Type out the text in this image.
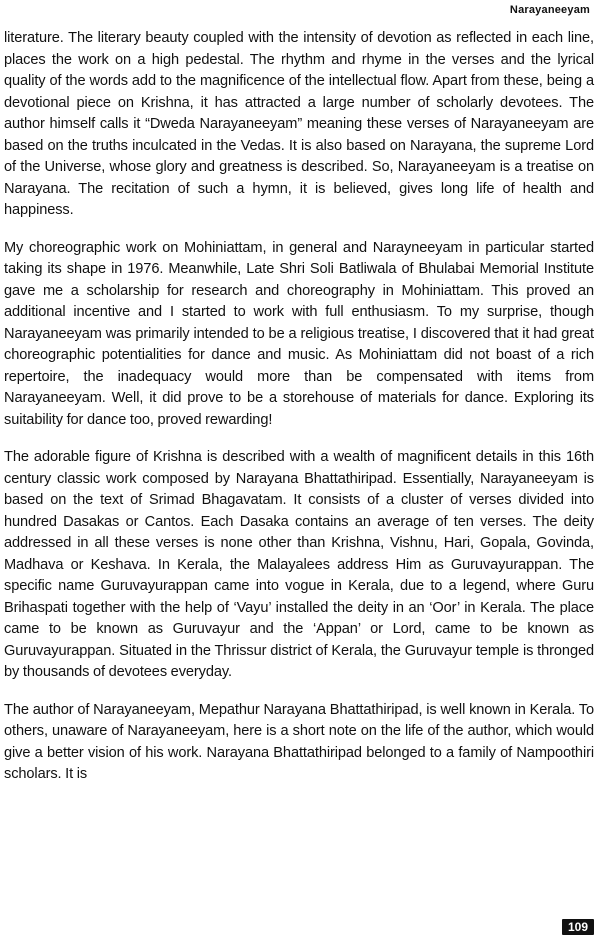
Narayaneeyam

literature. The literary beauty coupled with the intensity of devotion as reflected in each line, places the work on a high pedestal. The rhythm and rhyme in the verses and the lyrical quality of the words add to the magnificence of the intellectual flow. Apart from these, being a devotional piece on Krishna, it has attracted a large number of scholarly devotees. The author himself calls it “Dweda Narayaneeyam” meaning these verses of Narayaneeyam are based on the truths inculcated in the Vedas. It is also based on Narayana, the supreme Lord of the Universe, whose glory and greatness is described. So, Narayaneeyam is a treatise on Narayana. The recitation of such a hymn, it is believed, gives long life of health and happiness.

My choreographic work on Mohiniattam, in general and Narayneeyam in particular started taking its shape in 1976. Meanwhile, Late Shri Soli Batliwala of Bhulabai Memorial Institute gave me a scholarship for research and choreography in Mohiniattam. This proved an additional incentive and I started to work with full enthusiasm. To my surprise, though Narayaneeyam was primarily intended to be a religious treatise, I discovered that it had great choreographic potentialities for dance and music. As Mohiniattam did not boast of a rich repertoire, the inadequacy would more than be compensated with items from Narayaneeyam. Well, it did prove to be a storehouse of materials for dance. Exploring its suitability for dance too, proved rewarding!

The adorable figure of Krishna is described with a wealth of magnificent details in this 16th century classic work composed by Narayana Bhattathiripad. Essentially, Narayaneeyam is based on the text of Srimad Bhagavatam. It consists of a cluster of verses divided into hundred Dasakas or Cantos. Each Dasaka contains an average of ten verses. The deity addressed in all these verses is none other than Krishna, Vishnu, Hari, Gopala, Govinda, Madhava or Keshava. In Kerala, the Malayalees address Him as Guruvayurappan. The specific name Guruvayurappan came into vogue in Kerala, due to a legend, where Guru Brihaspati together with the help of ‘Vayu’ installed the deity in an ‘Oor’ in Kerala. The place came to be known as Guruvayur and the ‘Appan’ or Lord, came to be known as Guruvayurappan. Situated in the Thrissur district of Kerala, the Guruvayur temple is thronged by thousands of devotees everyday.

The author of Narayaneeyam, Mepathur Narayana Bhattathiripad, is well known in Kerala. To others, unaware of Narayaneeyam, here is a short note on the life of the author, which would give a better vision of his work. Narayana Bhattathiripad belonged to a family of Nampoothiri scholars. It is

109
